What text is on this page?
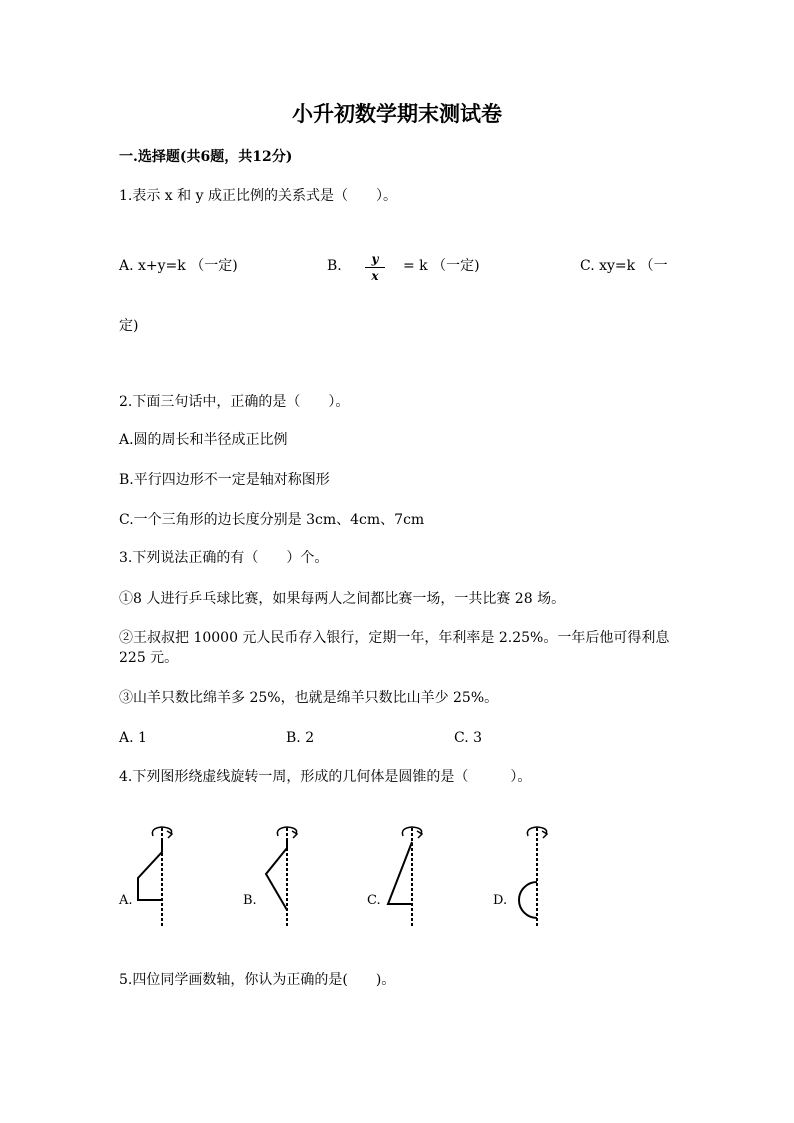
小升初数学期末测试卷
一.选择题(共6题，共12分)
1.表示 x 和 y 成正比例的关系式是（　　）。
A. x+y=k （一定)	B.	y
x
= k （一定)	C. xy=k （一
定)
2.下面三句话中，正确的是（　　）。
A.圆的周长和半径成正比例
B.平行四边形不一定是轴对称图形
C.一个三角形的边长度分别是 3cm、4cm、7cm
3.下列说法正确的有（　　）个。
①8 人进行乒乓球比赛，如果每两人之间都比赛一场，一共比赛 28 场。
②王叔叔把 10000 元人民币存入银行，定期一年，年利率是 2.25%。一年后他可得利息 225 元。
③山羊只数比绵羊多 25%，也就是绵羊只数比山羊少 25%。
A. 1	B. 2	C. 3
4.下列图形绕虚线旋转一周，形成的几何体是圆锥的是（　　　）。
A.	B.	C.	D.
5.四位同学画数轴，你认为正确的是(　　)。
